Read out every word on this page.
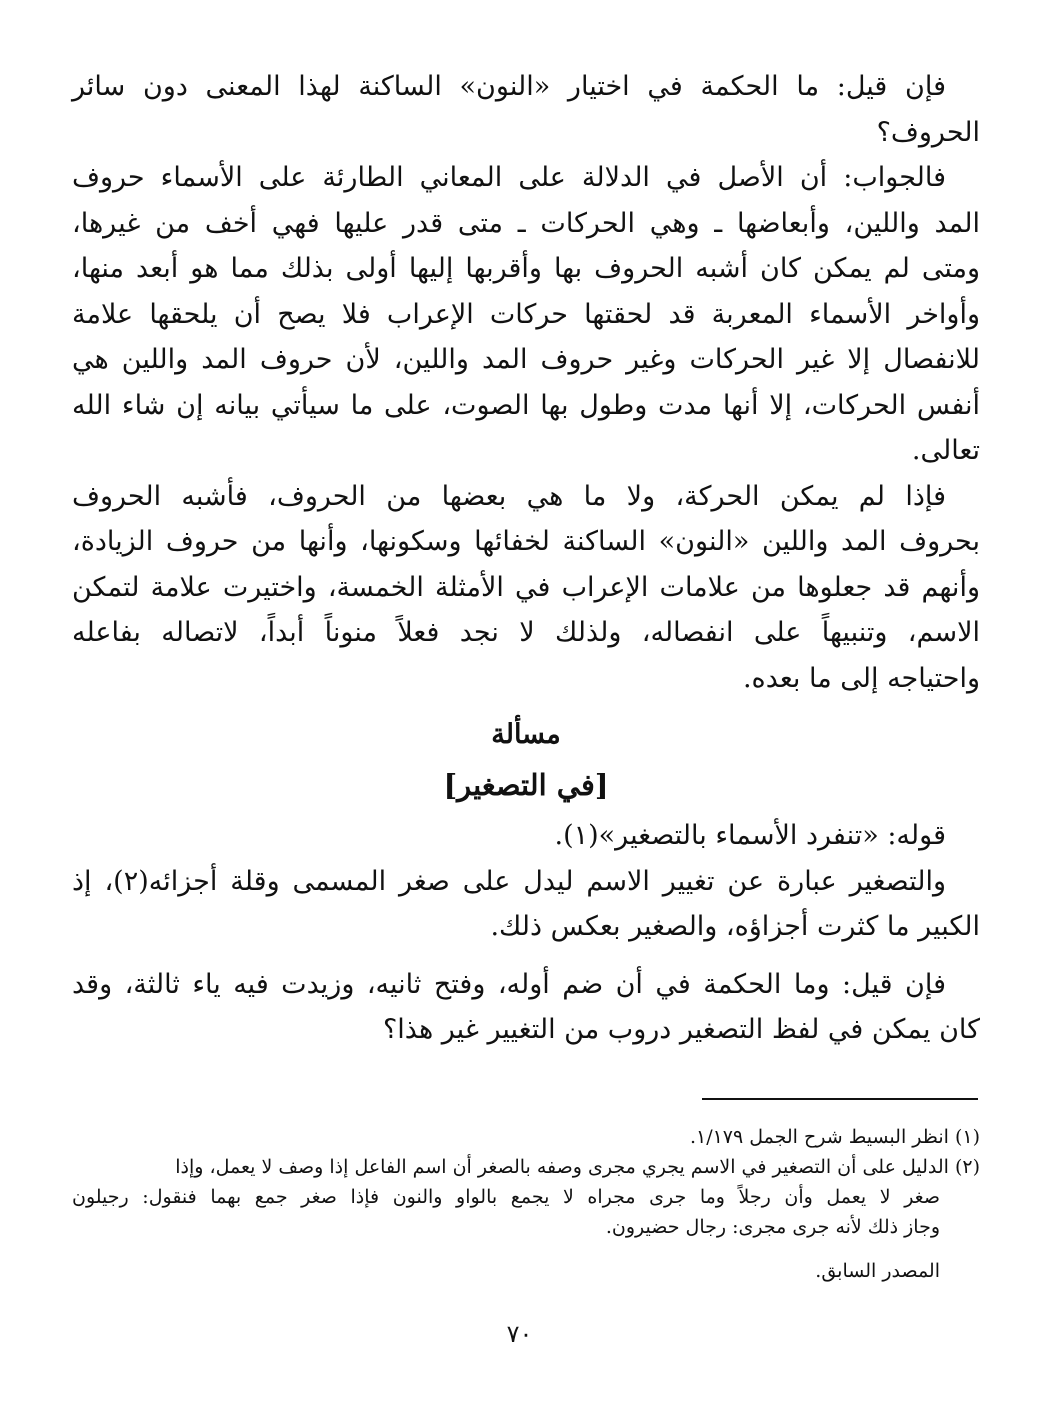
فإن قيل: ما الحكمة في اختيار «النون» الساكنة لهذا المعنى دون سائر
الحروف؟
فالجواب: أن الأصل في الدلالة على المعاني الطارئة على الأسماء حروف
المد واللين، وأبعاضها ـ وهي الحركات ـ متى قدر عليها فهي أخف من غيرها،
ومتى لم يمكن كان أشبه الحروف بها وأقربها إليها أولى بذلك مما هو أبعد منها،
وأواخر الأسماء المعربة قد لحقتها حركات الإعراب فلا يصح أن يلحقها علامة
للانفصال إلا غير الحركات وغير حروف المد واللين، لأن حروف المد واللين هي
أنفس الحركات، إلا أنها مدت وطول بها الصوت، على ما سيأتي بيانه إن شاء الله
تعالى.
فإذا لم يمكن الحركة، ولا ما هي بعضها من الحروف، فأشبه الحروف
بحروف المد واللين «النون» الساكنة لخفائها وسكونها، وأنها من حروف الزيادة،
وأنهم قد جعلوها من علامات الإعراب في الأمثلة الخمسة، واختيرت علامة لتمكن
الاسم، وتنبيهاً على انفصاله، ولذلك لا نجد فعلاً منوناً أبداً، لاتصاله بفاعله
واحتياجه إلى ما بعده.
مسألة
[في التصغير]
قوله: «تنفرد الأسماء بالتصغير»(١).
والتصغير عبارة عن تغيير الاسم ليدل على صغر المسمى وقلة أجزائه(٢)، إذ
الكبير ما كثرت أجزاؤه، والصغير بعكس ذلك.
فإن قيل: وما الحكمة في أن ضم أوله، وفتح ثانيه، وزيدت فيه ياء ثالثة، وقد
كان يمكن في لفظ التصغير دروب من التغيير غير هذا؟
(١) انظر البسيط شرح الجمل ١/١٧٩.
(٢) الدليل على أن التصغير في الاسم يجري مجرى وصفه بالصغر أن اسم الفاعل إذا وصف لا يعمل، وإذا
صغر لا يعمل وأن رجلاً وما جرى مجراه لا يجمع بالواو والنون فإذا صغر جمع بهما فنقول: رجيلون
وجاز ذلك لأنه جرى مجرى: رجال حضيرون.
المصدر السابق.
٧٠
